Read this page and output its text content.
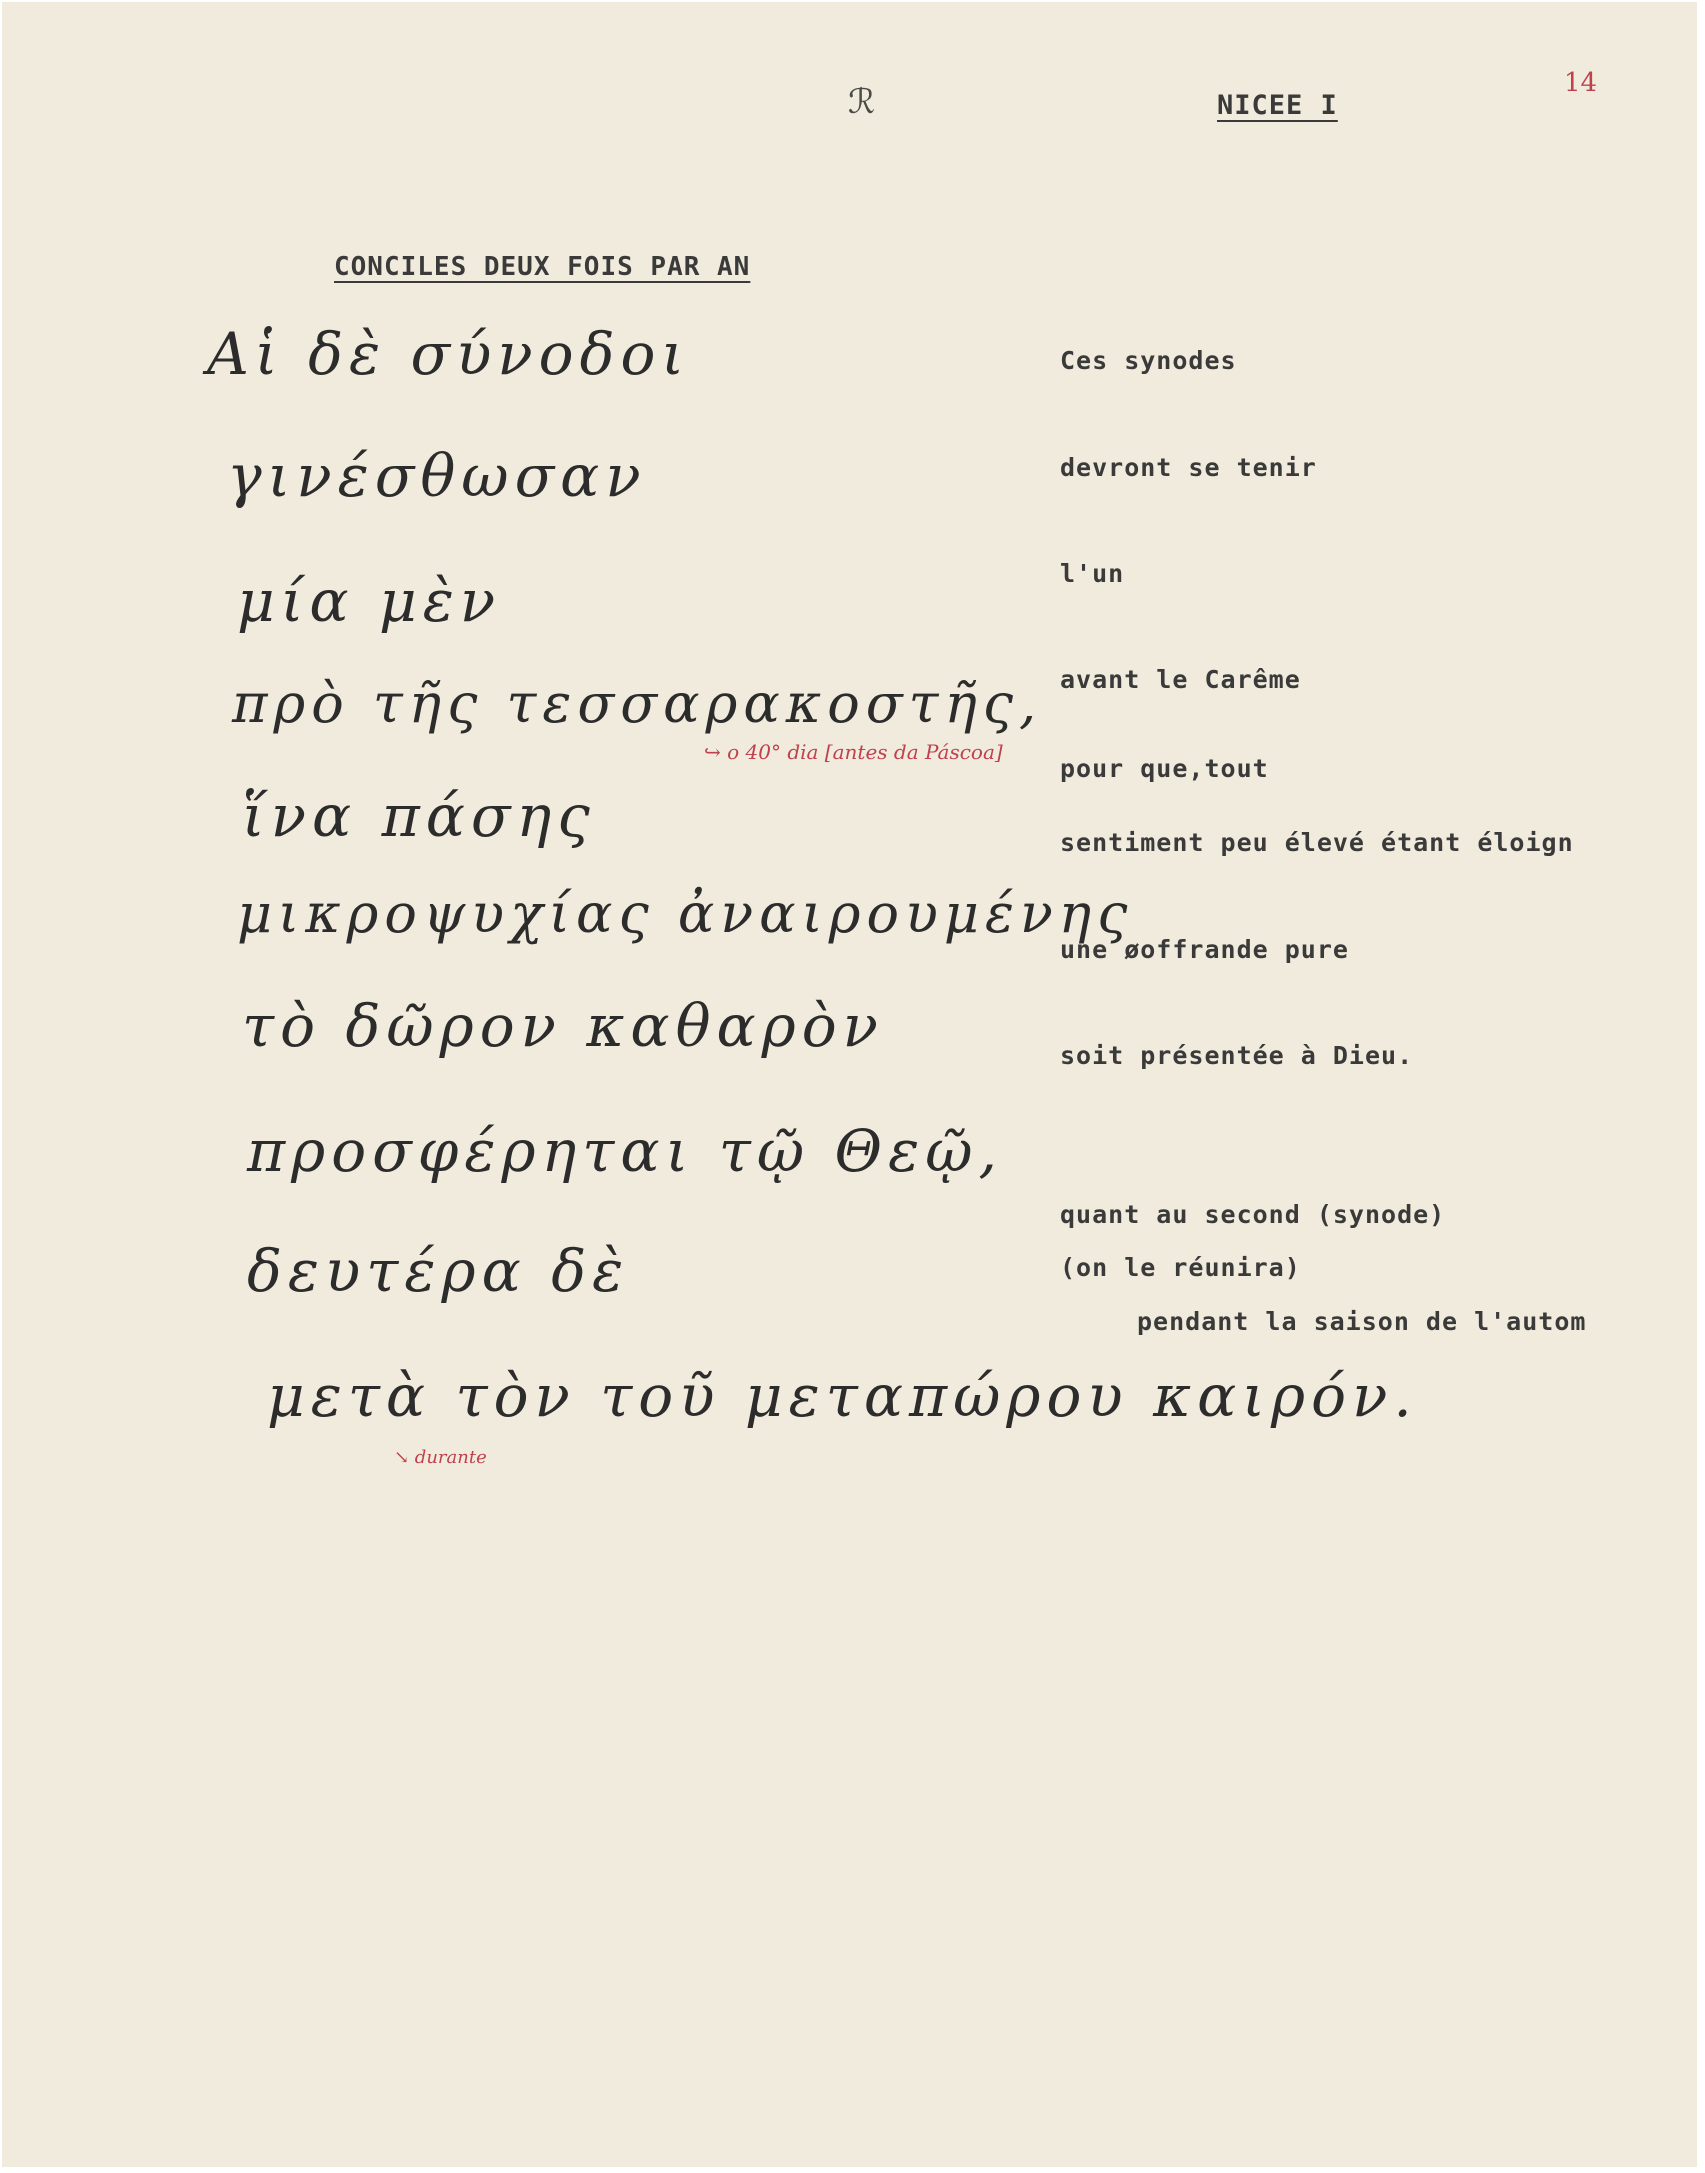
ℛ	NICEE I
14
CONCILES DEUX FOIS PAR AN
Αἱ δὲ σύνοδοι
γινέσθωσαν
μία μὲν
πρὸ τῆς τεσσαρακοστῆς,
ἵνα πάσης
μικροψυχίας ἀναιρουμένης
τὸ δῶρον καθαρὸν
προσφέρηται τῷ Θεῷ,
δευτέρα δὲ
μετὰ τὸν τοῦ μεταπώρου καιρόν.
↪ o 40° dia [antes da Páscoa]
↘ durante
Ces synodes
devront se tenir
l'un
avant le Carême
pour que,tout
sentiment peu élevé étant éloign
une øoffrande pure
soit présentée à Dieu.
quant au second (synode)
(on le réunira)
pendant la saison de l'autom
